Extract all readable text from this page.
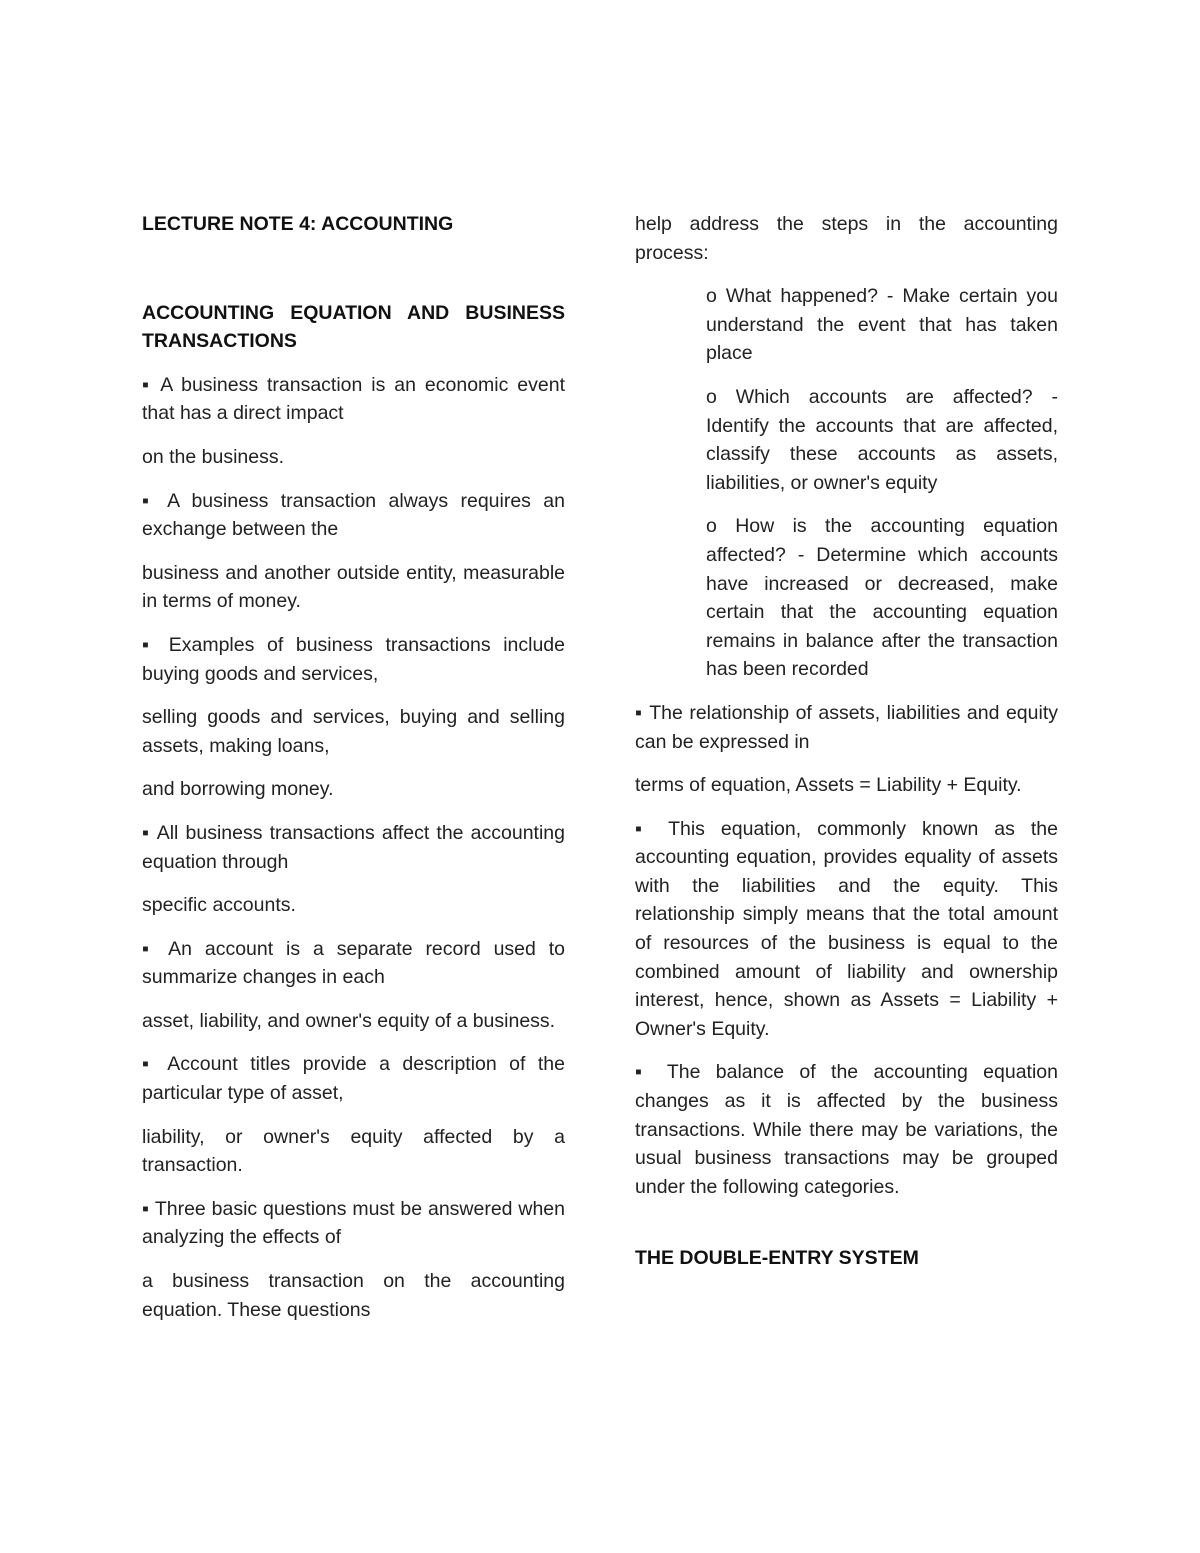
LECTURE NOTE 4: ACCOUNTING

ACCOUNTING EQUATION AND BUSINESS TRANSACTIONS

▪ A business transaction is an economic event that has a direct impact

on the business.

▪ A business transaction always requires an exchange between the

business and another outside entity, measurable in terms of money.

▪ Examples of business transactions include buying goods and services,

selling goods and services, buying and selling assets, making loans,

and borrowing money.

▪ All business transactions affect the accounting equation through

specific accounts.

▪ An account is a separate record used to summarize changes in each

asset, liability, and owner's equity of a business.

▪ Account titles provide a description of the particular type of asset,

liability, or owner's equity affected by a transaction.

▪ Three basic questions must be answered when analyzing the effects of

a business transaction on the accounting equation. These questions

help address the steps in the accounting process:

o What happened? - Make certain you understand the event that has taken place

o Which accounts are affected? - Identify the accounts that are affected, classify these accounts as assets, liabilities, or owner's equity

o How is the accounting equation affected? - Determine which accounts have increased or decreased, make certain that the accounting equation remains in balance after the transaction has been recorded

▪ The relationship of assets, liabilities and equity can be expressed in

terms of equation, Assets = Liability + Equity.

▪ This equation, commonly known as the accounting equation, provides equality of assets with the liabilities and the equity. This relationship simply means that the total amount of resources of the business is equal to the combined amount of liability and ownership interest, hence, shown as Assets = Liability + Owner's Equity.

▪ The balance of the accounting equation changes as it is affected by the business transactions. While there may be variations, the usual business transactions may be grouped under the following categories.

THE DOUBLE-ENTRY SYSTEM
